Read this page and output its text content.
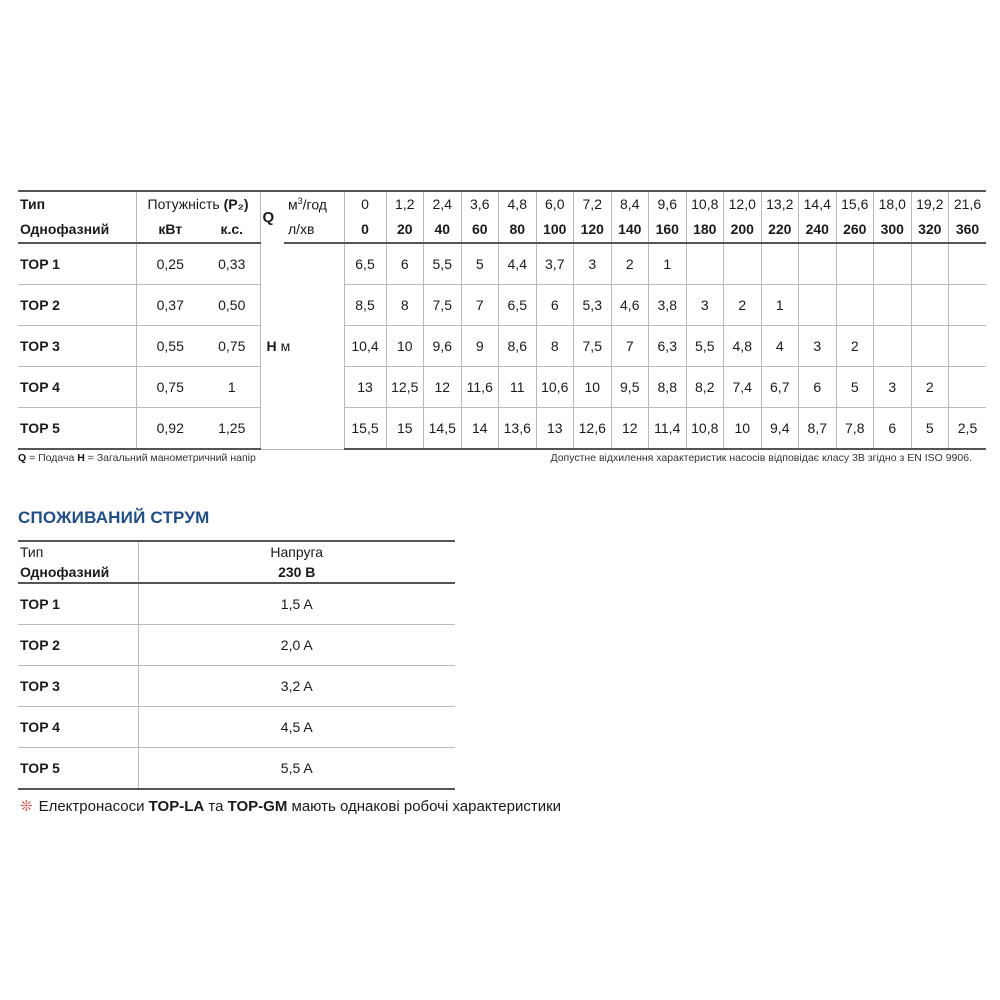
Тип	Потужність (P₂)		Q	$м^3$/год	0	1,2	2,4	3,6	4,8	6,0	7,2	8,4	9,6	10,8	12,0	13,2	14,4	15,6	18,0	19,2	21,6
Однофазний	кВт	к.с.		л/хв	0	20	40	60	80	100	120	140	160	180	200	220	240	260	300	320	360
TOP 1	0,25	0,33	H м		6,5	6	5,5	5	4,4	3,7	3	2	1								
TOP 2	0,37	0,50			8,5	8	7,5	7	6,5	6	5,3	4,6	3,8	3	2	1					
TOP 3	0,55	0,75			10,4	10	9,6	9	8,6	8	7,5	7	6,3	5,5	4,8	4	3	2			
TOP 4	0,75	1			13	12,5	12	11,6	11	10,6	10	9,5	8,8	8,2	7,4	6,7	6	5	3	2	
TOP 5	0,92	1,25			15,5	15	14,5	14	13,6	13	12,6	12	11,4	10,8	10	9,4	8,7	7,8	6	5	2,5
Q = Подача H = Загальний манометричний напір	Допустне відхилення характеристик насосів відповідає класу 3B згідно з EN ISO 9906.
СПОЖИВАНИЙ СТРУМ
Тип	Напруга
Однофазний	230 В
TOP 1	1,5 A
TOP 2	2,0 A
TOP 3	3,2 A
TOP 4	4,5 A
TOP 5	5,5 A
❊ Електронасоси TOP-LA та TOP-GM мають однакові робочі характеристики
